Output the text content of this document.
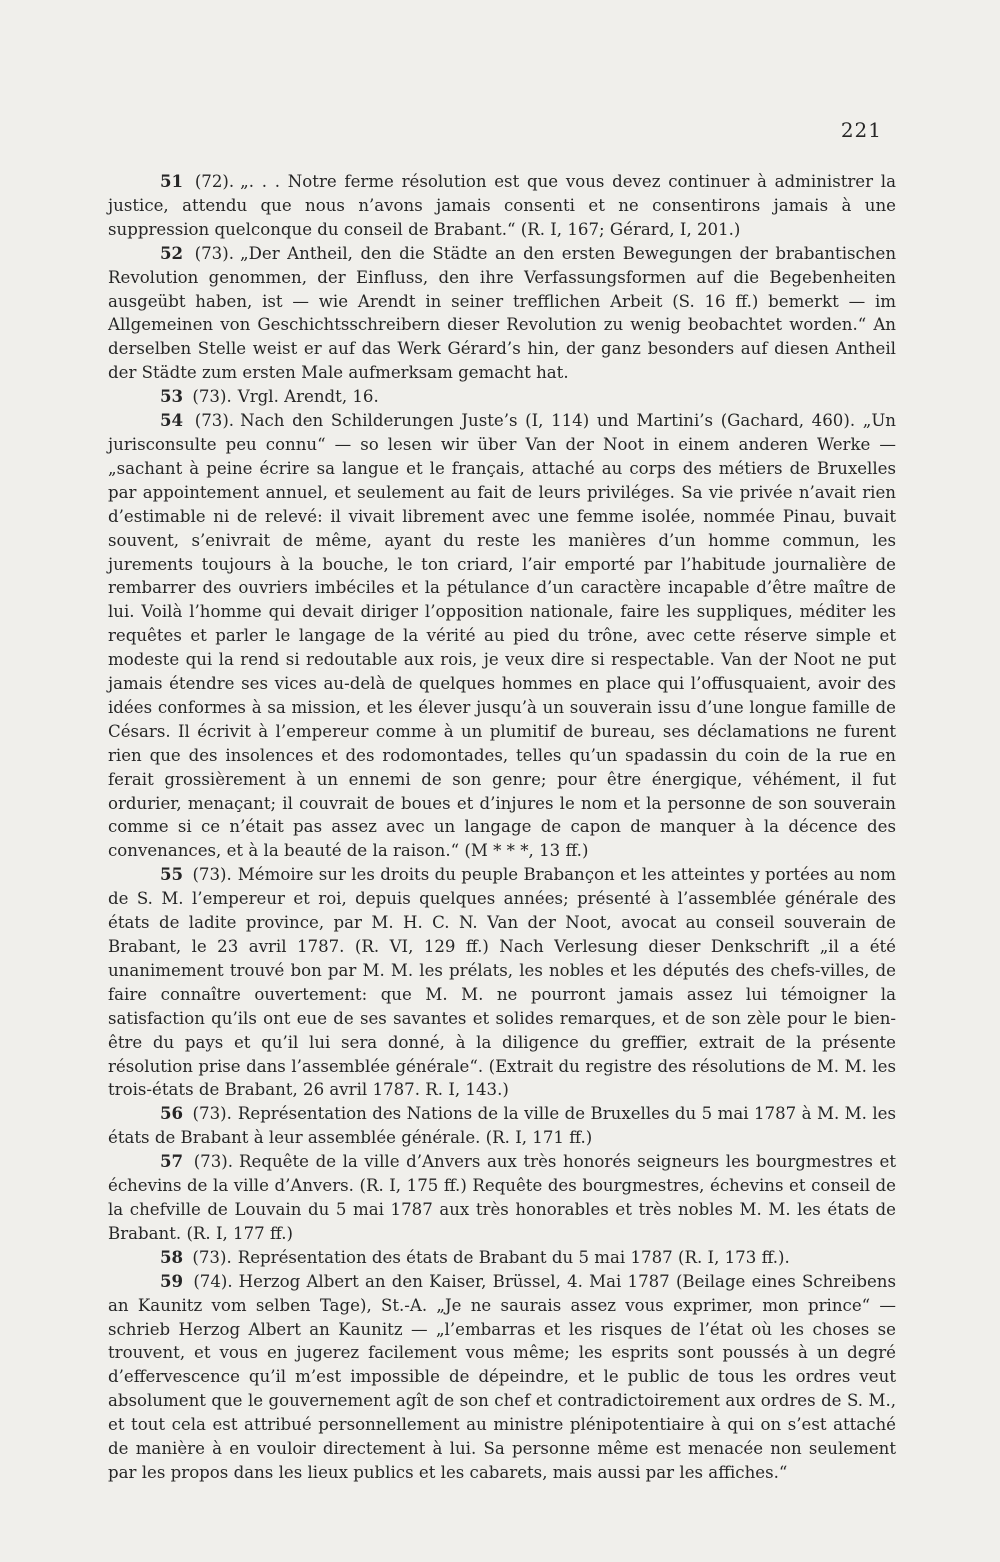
221

51 (72). „. . . Notre ferme résolution est que vous devez continuer à administrer la justice, attendu que nous n’avons jamais consenti et ne consentirons jamais à une suppression quelconque du conseil de Brabant.“ (R. I, 167; Gérard, I, 201.)

52 (73). „Der Antheil, den die Städte an den ersten Bewegungen der brabantischen Revolution genommen, der Einfluss, den ihre Verfassungsformen auf die Begebenheiten ausgeübt haben, ist — wie Arendt in seiner trefflichen Arbeit (S. 16 ff.) bemerkt — im Allgemeinen von Geschichtsschreibern dieser Revolution zu wenig beobachtet worden.“ An derselben Stelle weist er auf das Werk Gérard’s hin, der ganz besonders auf diesen Antheil der Städte zum ersten Male aufmerksam gemacht hat.

53 (73). Vrgl. Arendt, 16.

54 (73). Nach den Schilderungen Juste’s (I, 114) und Martini’s (Gachard, 460). „Un jurisconsulte peu connu“ — so lesen wir über Van der Noot in einem anderen Werke — „sachant à peine écrire sa langue et le français, attaché au corps des métiers de Bruxelles par appointement annuel, et seulement au fait de leurs priviléges. Sa vie privée n’avait rien d’estimable ni de relevé: il vivait librement avec une femme isolée, nommée Pinau, buvait souvent, s’enivrait de même, ayant du reste les manières d’un homme commun, les jurements toujours à la bouche, le ton criard, l’air emporté par l’habitude journalière de rembarrer des ouvriers imbéciles et la pétulance d’un caractère incapable d’être maître de lui. Voilà l’homme qui devait diriger l’opposition nationale, faire les suppliques, méditer les requêtes et parler le langage de la vérité au pied du trône, avec cette réserve simple et modeste qui la rend si redoutable aux rois, je veux dire si respectable. Van der Noot ne put jamais étendre ses vices au-delà de quelques hommes en place qui l’offusquaient, avoir des idées conformes à sa mission, et les élever jusqu’à un souverain issu d’une longue famille de Césars. Il écrivit à l’empereur comme à un plumitif de bureau, ses déclamations ne furent rien que des insolences et des rodomontades, telles qu’un spadassin du coin de la rue en ferait grossièrement à un ennemi de son genre; pour être énergique, véhément, il fut ordurier, menaçant; il couvrait de boues et d’injures le nom et la personne de son souverain comme si ce n’était pas assez avec un langage de capon de manquer à la décence des convenances, et à la beauté de la raison.“ (M * * *, 13 ff.)

55 (73). Mémoire sur les droits du peuple Brabançon et les atteintes y portées au nom de S. M. l’empereur et roi, depuis quelques années; présenté à l’assemblée générale des états de ladite province, par M. H. C. N. Van der Noot, avocat au conseil souverain de Brabant, le 23 avril 1787. (R. VI, 129 ff.) Nach Verlesung dieser Denkschrift „il a été unanimement trouvé bon par M. M. les prélats, les nobles et les députés des chefs-villes, de faire connaître ouvertement: que M. M. ne pourront jamais assez lui témoigner la satisfaction qu’ils ont eue de ses savantes et solides remarques, et de son zèle pour le bien-être du pays et qu’il lui sera donné, à la diligence du greffier, extrait de la présente résolution prise dans l’assemblée générale“. (Extrait du registre des résolutions de M. M. les trois-états de Brabant, 26 avril 1787. R. I, 143.)

56 (73). Représentation des Nations de la ville de Bruxelles du 5 mai 1787 à M. M. les états de Brabant à leur assemblée générale. (R. I, 171 ff.)

57 (73). Requête de la ville d’Anvers aux très honorés seigneurs les bourgmestres et échevins de la ville d’Anvers. (R. I, 175 ff.) Requête des bourgmestres, échevins et conseil de la chefville de Louvain du 5 mai 1787 aux très honorables et très nobles M. M. les états de Brabant. (R. I, 177 ff.)

58 (73). Représentation des états de Brabant du 5 mai 1787 (R. I, 173 ff.).

59 (74). Herzog Albert an den Kaiser, Brüssel, 4. Mai 1787 (Beilage eines Schreibens an Kaunitz vom selben Tage), St.-A. „Je ne saurais assez vous exprimer, mon prince“ — schrieb Herzog Albert an Kaunitz — „l’embarras et les risques de l’état où les choses se trouvent, et vous en jugerez facilement vous même; les esprits sont poussés à un degré d’effervescence qu’il m’est impossible de dépeindre, et le public de tous les ordres veut absolument que le gouvernement agît de son chef et contradictoirement aux ordres de S. M., et tout cela est attribué personnellement au ministre plénipotentiaire à qui on s’est attaché de manière à en vouloir directement à lui. Sa personne même est menacée non seulement par les propos dans les lieux publics et les cabarets, mais aussi par les affiches.“
